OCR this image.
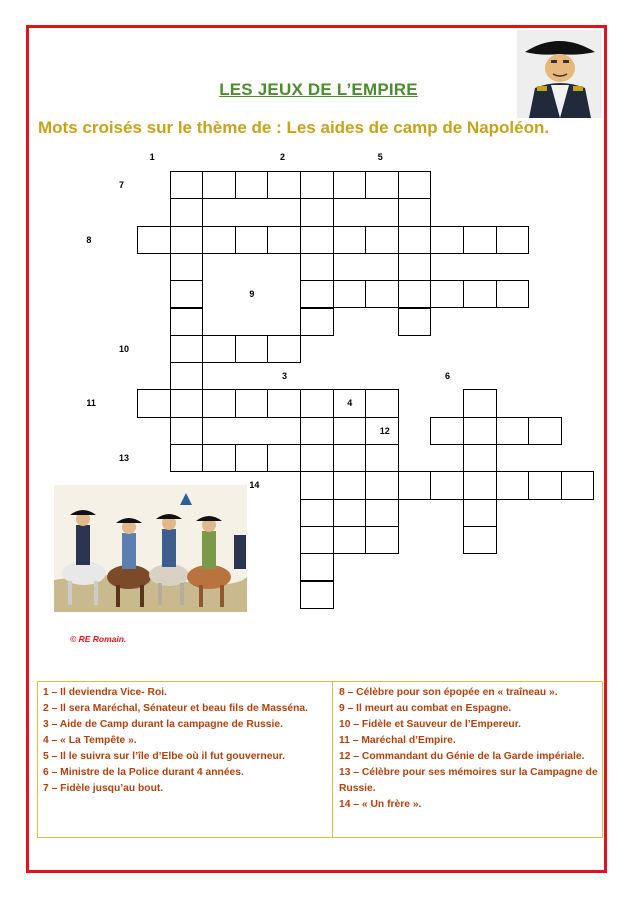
LES JEUX DE L’EMPIRE
Mots croisés sur le thème de : Les aides de camp de Napoléon.
1	2	5
7
8
9
10
3	6
11	4
12
13
14
© RE Romain.
1 – Il deviendra Vice- Roi.
2 – Il sera Maréchal, Sénateur et beau fils de Masséna.
3 – Aide de Camp durant la campagne de Russie.
4 – « La Tempête ».
5 – Il le suivra sur l’île d’Elbe où il fut gouverneur.
6 – Ministre de la Police durant 4 années.
7 – Fidèle jusqu’au bout.
8 – Célèbre pour son épopée en « traîneau ».
9 – Il meurt au combat en Espagne.
10 – Fidèle et Sauveur de l’Empereur.
11 – Maréchal d’Empire.
12 – Commandant du Génie de la Garde impériale.
13 – Célèbre pour ses mémoires sur la Campagne de Russie.
14 – « Un frère ».
